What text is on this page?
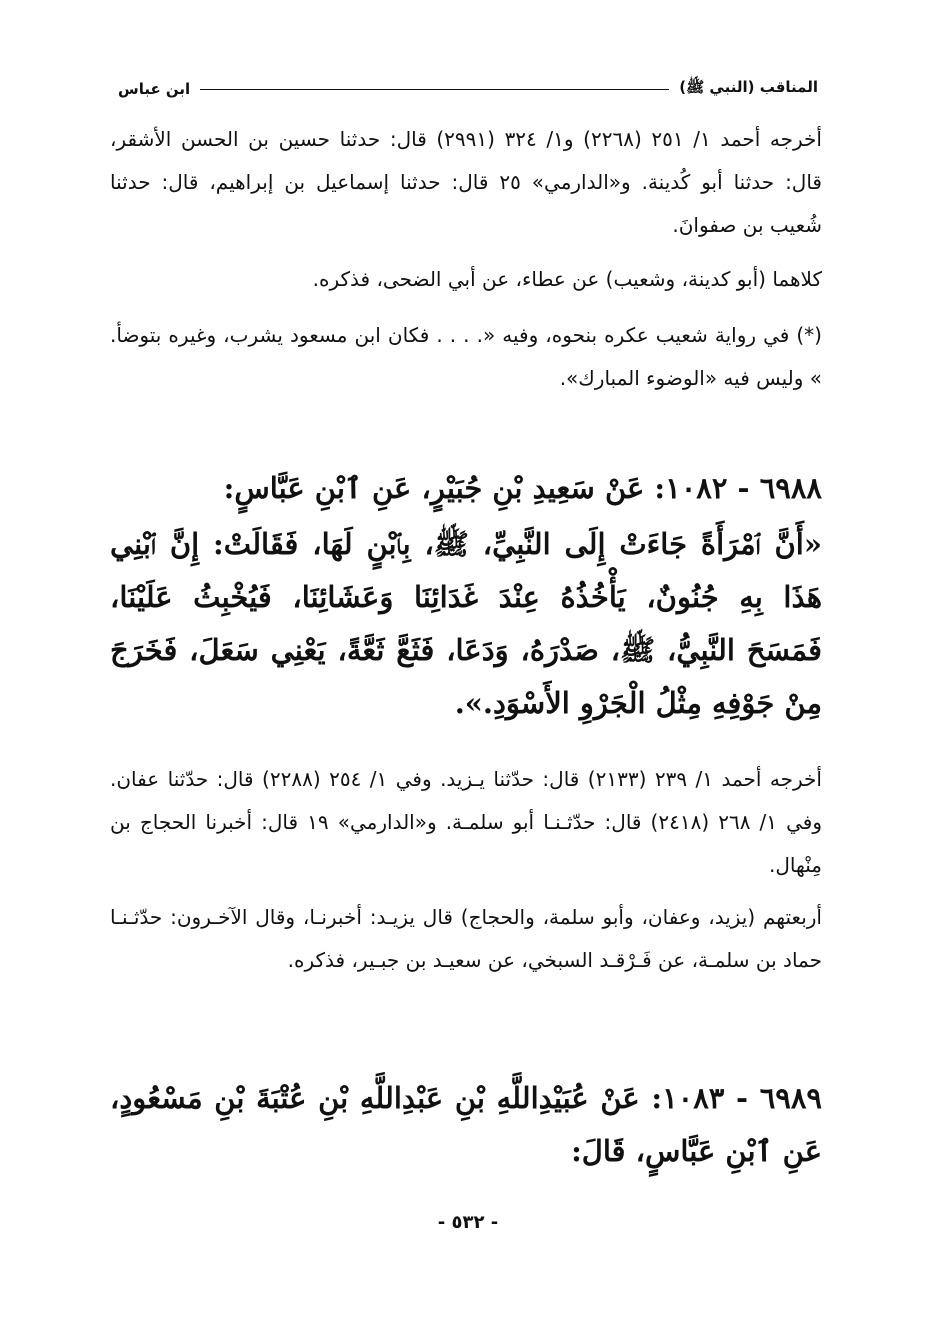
المناقب (النبي ﷺ)
ابن عباس

أخرجه أحمد ١/ ٢٥١ (٢٢٦٨) و١/ ٣٢٤ (٢٩٩١) قال: حدثنا حسين بن الحسن الأشقر، قال: حدثنا أبو كُدينة. و«الدارمي» ٢٥ قال: حدثنا إسماعيل بن إبراهيم، قال: حدثنا شُعيب بن صفوانَ.

كلاهما (أبو كدينة، وشعيب) عن عطاء، عن أبي الضحى، فذكره.

(*) في رواية شعيب عكره بنحوه، وفيه «. . . . فكان ابن مسعود يشرب، وغيره بتوضأ. » وليس فيه «الوضوء المبارك».

٦٩٨٨ - ١٠٨٢: عَنْ سَعِيدِ بْنِ جُبَيْرٍ، عَنِ ٱبْنِ عَبَّاسٍ:

«أَنَّ ٱمْرَأَةً جَاءَتْ إِلَى النَّبِيِّ، ﷺ، بِٱبْنٍ لَهَا، فَقَالَتْ: إِنَّ ٱبْنِي هَذَا بِهِ جُنُونٌ، يَأْخُذُهُ عِنْدَ غَدَائِنَا وَعَشَائِنَا، فَيُخْبِثُ عَلَيْنَا، فَمَسَحَ النَّبِيُّ، ﷺ، صَدْرَهُ، وَدَعَا، فَثَعَّ ثَعَّةً، يَعْنِي سَعَلَ، فَخَرَجَ مِنْ جَوْفِهِ مِثْلُ الْجَرْوِ الأَسْوَدِ.».

أخرجه أحمد ١/ ٢٣٩ (٢١٣٣) قال: حدّثنا يـزيد. وفي ١/ ٢٥٤ (٢٢٨٨) قال: حدّثنا عفان. وفي ١/ ٢٦٨ (٢٤١٨) قال: حدّثـنـا أبو سلمـة. و«الدارمي» ١٩ قال: أخبرنا الحجاج بن مِنْهال.

أربعتهم (يزيد، وعفان، وأبو سلمة، والحجاج) قال يزيـد: أخبرنـا، وقال الآخـرون: حدّثـنـا حماد بن سلمـة، عن فَـرْقـد السبخي، عن سعيـد بن جبـير، فذكره.

٦٩٨٩ - ١٠٨٣: عَنْ عُبَيْدِاللَّهِ بْنِ عَبْدِاللَّهِ بْنِ عُتْبَةَ بْنِ مَسْعُودٍ، عَنِ ٱبْنِ عَبَّاسٍ، قَالَ:

- ٥٣٢ -
